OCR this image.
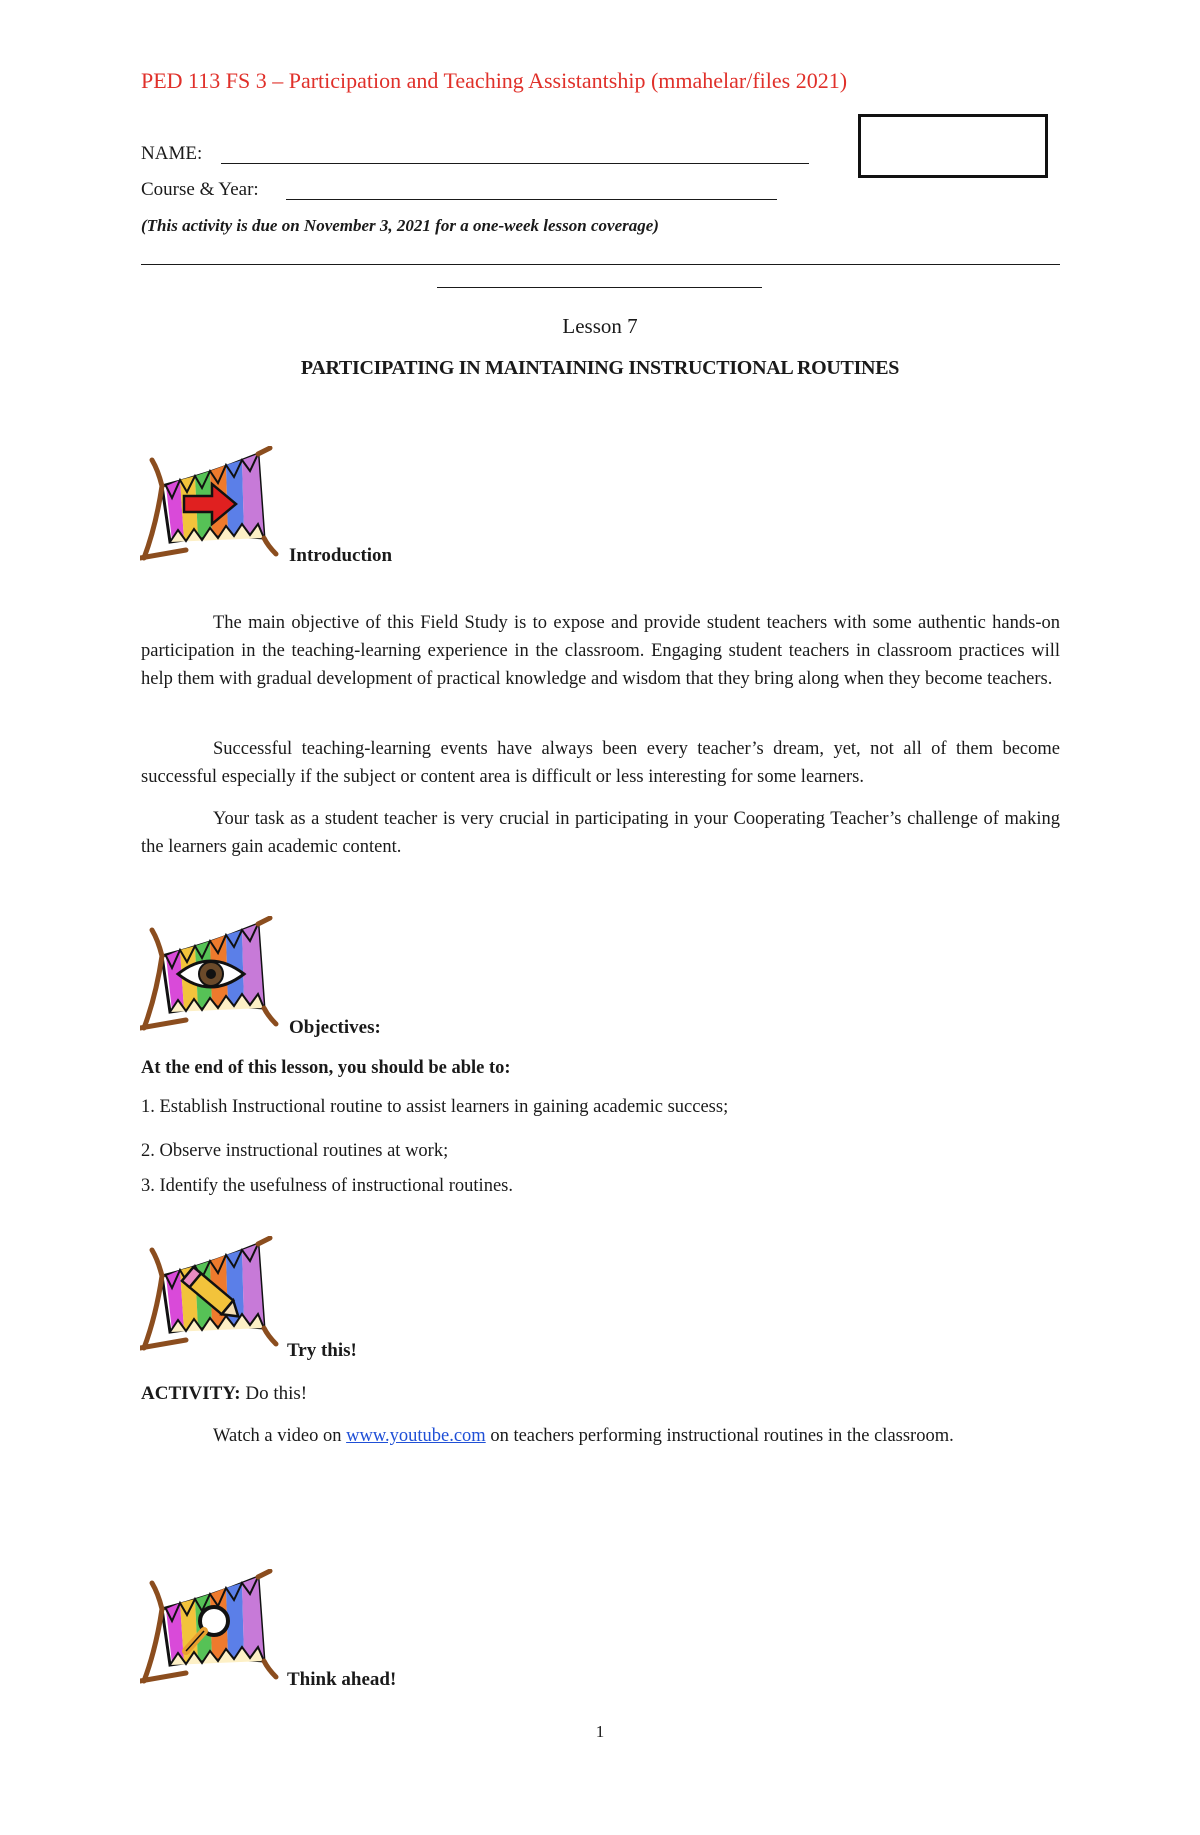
PED 113 FS 3 – Participation and Teaching Assistantship (mmahelar/files 2021)
NAME:
Course & Year:
(This activity is due on November 3, 2021 for a one-week lesson coverage)
Lesson 7
PARTICIPATING IN MAINTAINING INSTRUCTIONAL ROUTINES
Introduction
The main objective of this Field Study is to expose and provide student teachers with some authentic hands-on participation in the teaching-learning experience in the classroom. Engaging student teachers in classroom practices will help them with gradual development of practical knowledge and wisdom that they bring along when they become teachers.
Successful teaching-learning events have always been every teacher’s dream, yet, not all of them become successful especially if the subject or content area is difficult or less interesting for some learners.
Your task as a student teacher is very crucial in participating in your Cooperating Teacher’s challenge of making the learners gain academic content.
Objectives:
At the end of this lesson, you should be able to:
1. Establish Instructional routine to assist learners in gaining academic success;
2. Observe instructional routines at work;
3. Identify the usefulness of instructional routines.
Try this!
ACTIVITY: Do this!
Watch a video on www.youtube.com on teachers performing instructional routines in the classroom.
Think ahead!
1
